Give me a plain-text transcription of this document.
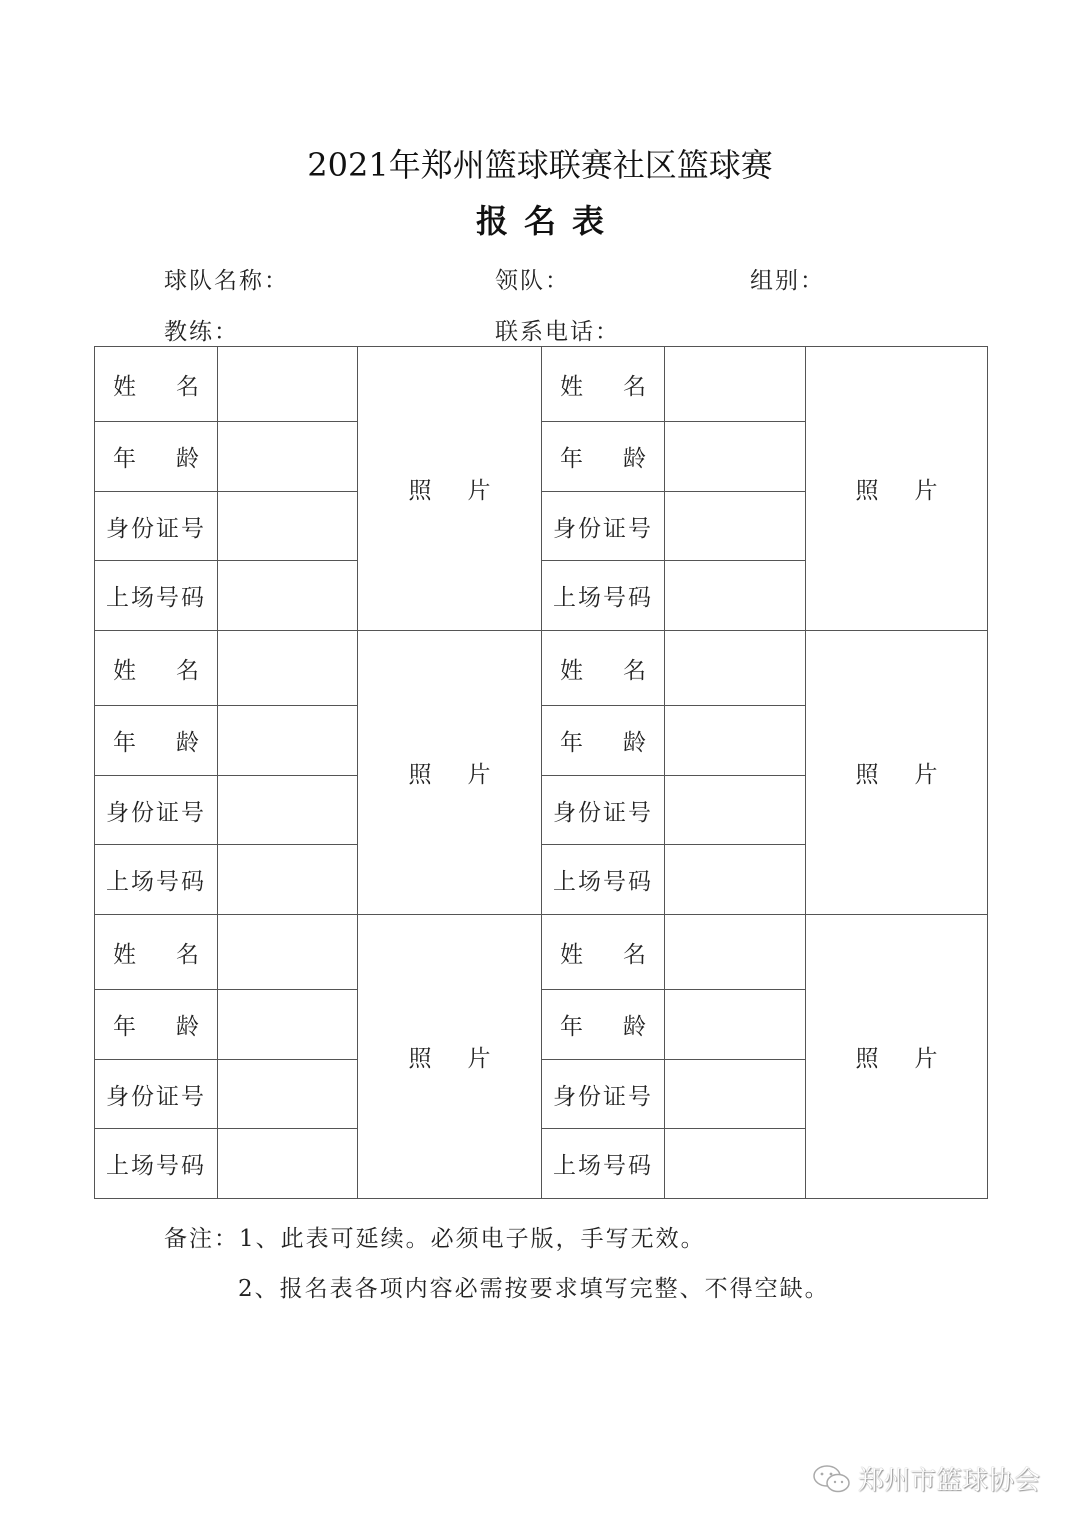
2021年郑州篮球联赛社区篮球赛
报名表
球队名称：	领队：	组别：
教练：	联系电话：
姓 名		照 片	姓 名		照 片

年 龄			年 龄		

身份证号			身份证号		
上场号码			上场号码		

姓 名		照 片	姓 名		照 片

年 龄			年 龄		

身份证号			身份证号		
上场号码			上场号码		

姓 名		照 片	姓 名		照 片

年 龄			年 龄		

身份证号			身份证号		
上场号码			上场号码		
备注：1、此表可延续。必须电子版，手写无效。
2、报名表各项内容必需按要求填写完整、不得空缺。
郑州市篮球协会
